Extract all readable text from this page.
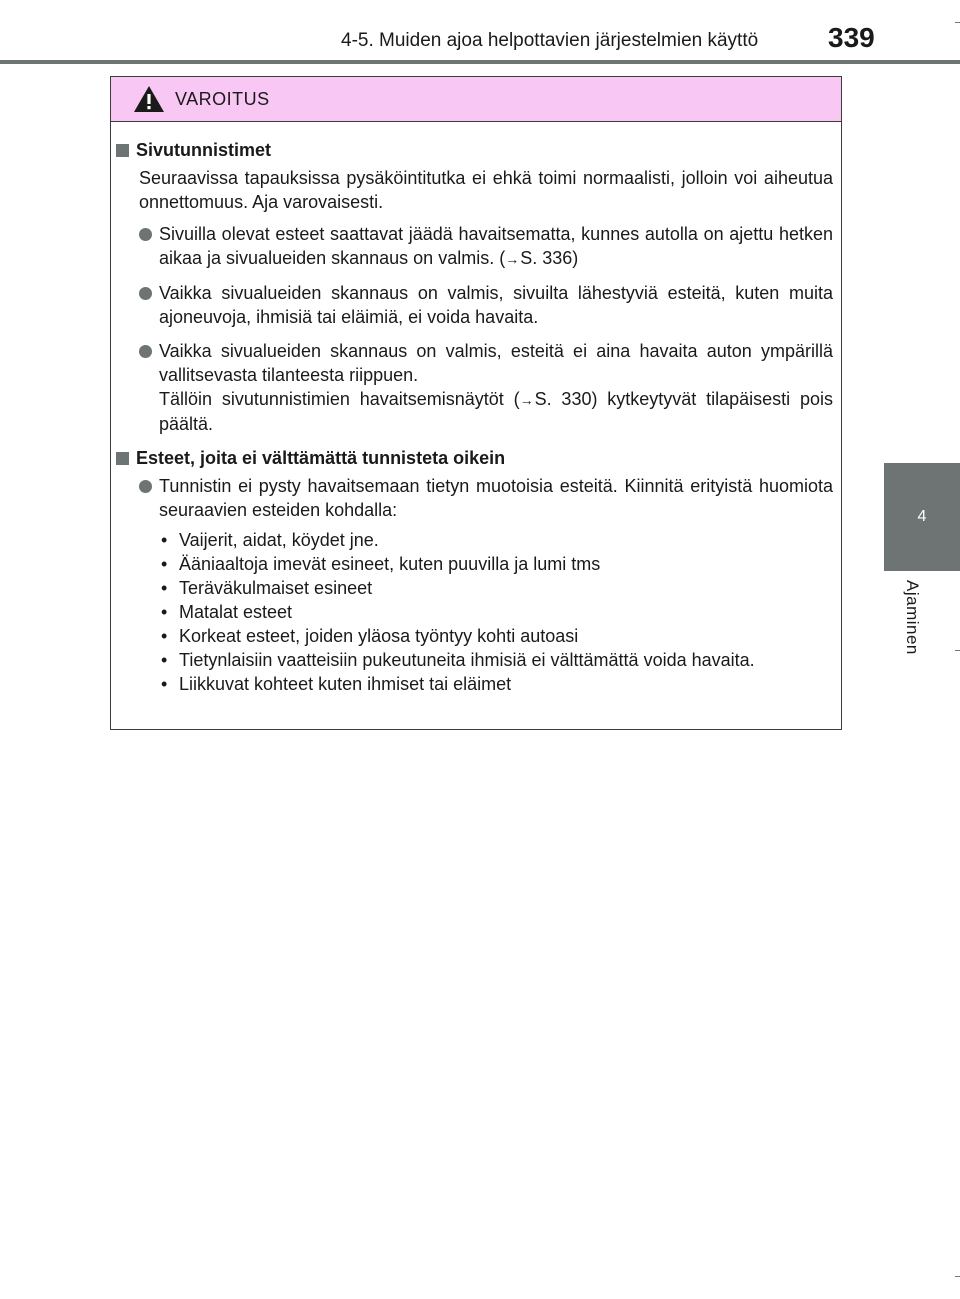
4-5. Muiden ajoa helpottavien järjestelmien käyttö 339
4
Ajaminen
VAROITUS
Sivutunnistimet
Seuraavissa tapauksissa pysäköintitutka ei ehkä toimi normaalisti, jolloin voi aiheutua onnettomuus. Aja varovaisesti.
Sivuilla olevat esteet saattavat jäädä havaitsematta, kunnes autolla on ajettu hetken aikaa ja sivualueiden skannaus on valmis. (→S. 336)
Vaikka sivualueiden skannaus on valmis, sivuilta lähestyviä esteitä, kuten muita ajoneuvoja, ihmisiä tai eläimiä, ei voida havaita.
Vaikka sivualueiden skannaus on valmis, esteitä ei aina havaita auton ympärillä vallitsevasta tilanteesta riippuen.
Tällöin sivutunnistimien havaitsemisnäytöt (→S. 330) kytkeytyvät tilapäisesti pois päältä.
Esteet, joita ei välttämättä tunnisteta oikein
Tunnistin ei pysty havaitsemaan tietyn muotoisia esteitä. Kiinnitä erityistä huomiota seuraavien esteiden kohdalla:
• Vaijerit, aidat, köydet jne.
• Ääniaaltoja imevät esineet, kuten puuvilla ja lumi tms
• Teräväkulmaiset esineet
• Matalat esteet
• Korkeat esteet, joiden yläosa työntyy kohti autoasi
• Tietynlaisiin vaatteisiin pukeutuneita ihmisiä ei välttämättä voida havaita.
• Liikkuvat kohteet kuten ihmiset tai eläimet
